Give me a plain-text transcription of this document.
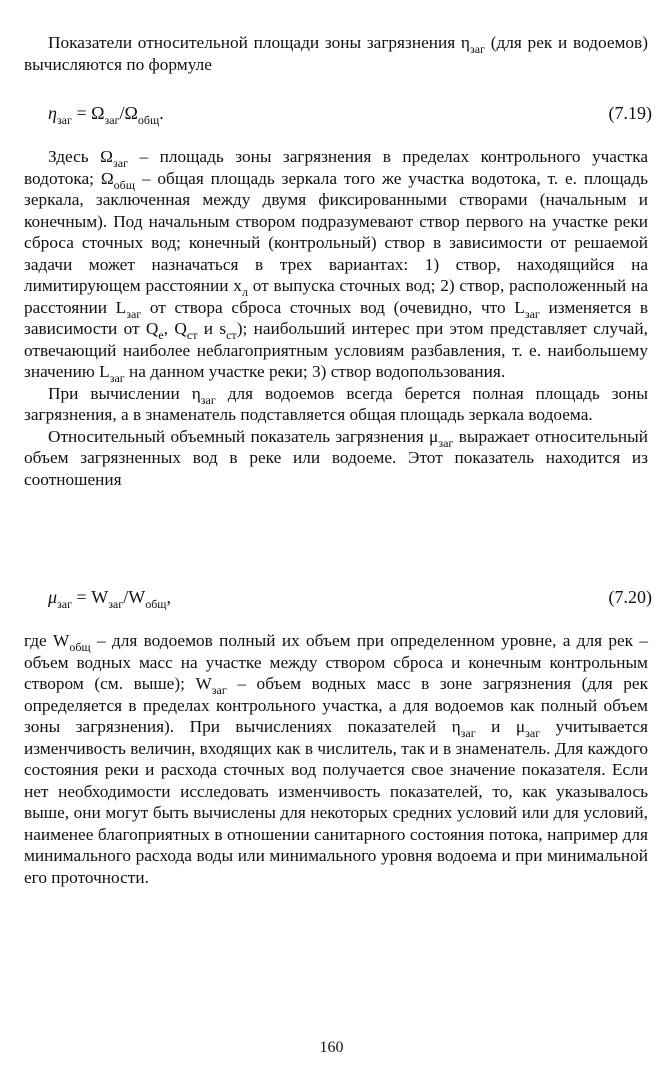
Показатели относительной площади зоны загрязнения $\eta_{заг}$ (для рек и водоемов) вычисляются по формуле

$\eta_{заг} = \Omega_{заг}/\Omega_{общ}$.	(7.19)

Здесь $\Omega_{заг}$ – площадь зоны загрязнения в пределах контрольного участка водотока; $\Omega_{общ}$ – общая площадь зеркала того же участка водотока, т. е. площадь зеркала, заключенная между двумя фиксированными створами (начальным и конечным). Под начальным створом подразумевают створ первого на участке реки сброса сточных вод; конечный (контрольный) створ в зависимости от решаемой задачи может назначаться в трех вариантах: 1) створ, находящийся на лимитирующем расстоянии $x_л$ от выпуска сточных вод; 2) створ, расположенный на расстоянии $L_{заг}$ от створа сброса сточных вод (очевидно, что $L_{заг}$ изменяется в зависимости от $Q_е$, $Q_{ст}$ и $s_{ст}$); наибольший интерес при этом представляет случай, отвечающий наиболее неблагоприятным условиям разбавления, т. е. наибольшему значению $L_{заг}$ на данном участке реки; 3) створ водопользования.

При вычислении $\eta_{заг}$ для водоемов всегда берется полная площадь зоны загрязнения, а в знаменатель подставляется общая площадь зеркала водоема.

Относительный объемный показатель загрязнения $\mu_{заг}$ выражает относительный объем загрязненных вод в реке или водоеме. Этот показатель находится из соотношения

$\mu_{заг} = W_{заг}/W_{общ}$,	(7.20)

где $W_{общ}$ – для водоемов полный их объем при определенном уровне, а для рек – объем водных масс на участке между створом сброса и конечным контрольным створом (см. выше); $W_{заг}$ – объем водных масс в зоне загрязнения (для рек определяется в пределах контрольного участка, а для водоемов как полный объем зоны загрязнения). При вычислениях показателей $\eta_{заг}$ и $\mu_{заг}$ учитывается изменчивость величин, входящих как в числитель, так и в знаменатель. Для каждого состояния реки и расхода сточных вод получается свое значение показателя. Если нет необходимости исследовать изменчивость показателей, то, как указывалось выше, они могут быть вычислены для некоторых средних условий или для условий, наименее благоприятных в отношении санитарного состояния потока, например для минимального расхода воды или минимального уровня водоема и при минимальной его проточности.

160
